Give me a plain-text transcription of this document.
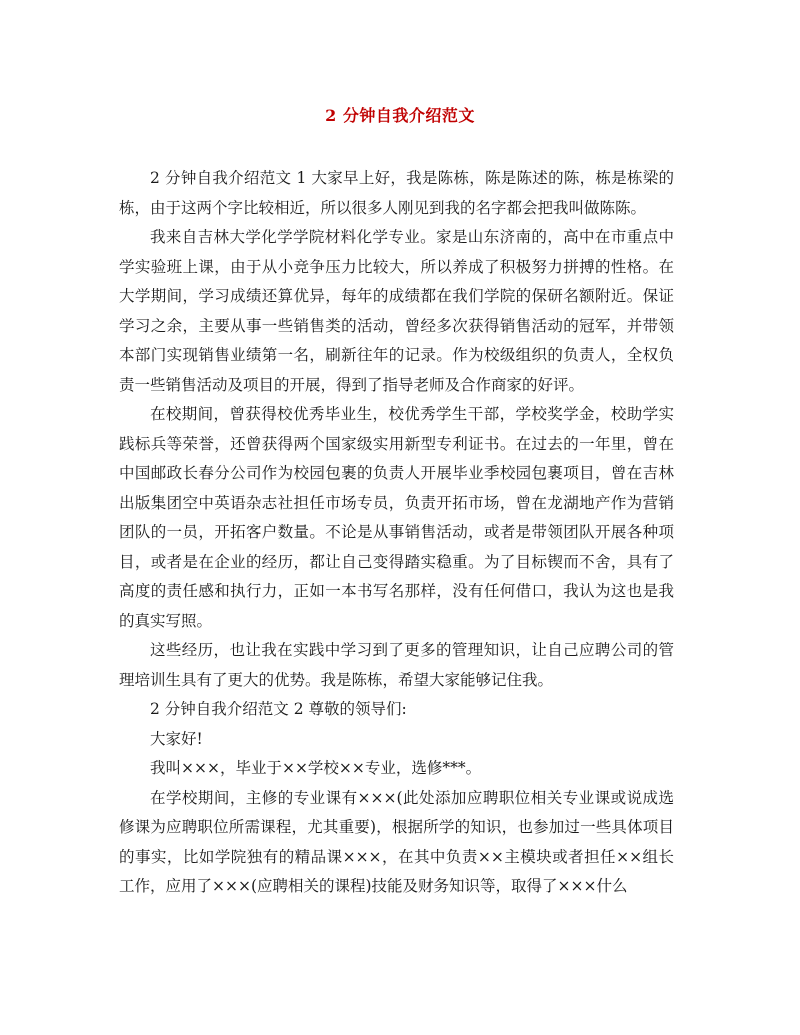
2 分钟自我介绍范文

2 分钟自我介绍范文 1 大家早上好，我是陈栋，陈是陈述的陈，栋是栋梁的栋，由于这两个字比较相近，所以很多人刚见到我的名字都会把我叫做陈陈。

我来自吉林大学化学学院材料化学专业。家是山东济南的，高中在市重点中学实验班上课，由于从小竞争压力比较大，所以养成了积极努力拼搏的性格。在大学期间，学习成绩还算优异，每年的成绩都在我们学院的保研名额附近。保证学习之余，主要从事一些销售类的活动，曾经多次获得销售活动的冠军，并带领本部门实现销售业绩第一名，刷新往年的记录。作为校级组织的负责人，全权负责一些销售活动及项目的开展，得到了指导老师及合作商家的好评。

在校期间，曾获得校优秀毕业生，校优秀学生干部，学校奖学金，校助学实践标兵等荣誉，还曾获得两个国家级实用新型专利证书。在过去的一年里，曾在中国邮政长春分公司作为校园包裹的负责人开展毕业季校园包裹项目，曾在吉林出版集团空中英语杂志社担任市场专员，负责开拓市场，曾在龙湖地产作为营销团队的一员，开拓客户数量。不论是从事销售活动，或者是带领团队开展各种项目，或者是在企业的经历，都让自己变得踏实稳重。为了目标锲而不舍，具有了高度的责任感和执行力，正如一本书写名那样，没有任何借口，我认为这也是我的真实写照。

这些经历，也让我在实践中学习到了更多的管理知识，让自己应聘公司的管理培训生具有了更大的优势。我是陈栋，希望大家能够记住我。

2 分钟自我介绍范文 2 尊敬的领导们:

大家好!

我叫×××，毕业于××学校××专业，选修***。

在学校期间，主修的专业课有×××(此处添加应聘职位相关专业课或说成选修课为应聘职位所需课程，尤其重要)，根据所学的知识，也参加过一些具体项目的事实，比如学院独有的精品课×××，在其中负责××主模块或者担任××组长工作，应用了×××(应聘相关的课程)技能及财务知识等，取得了×××什么
